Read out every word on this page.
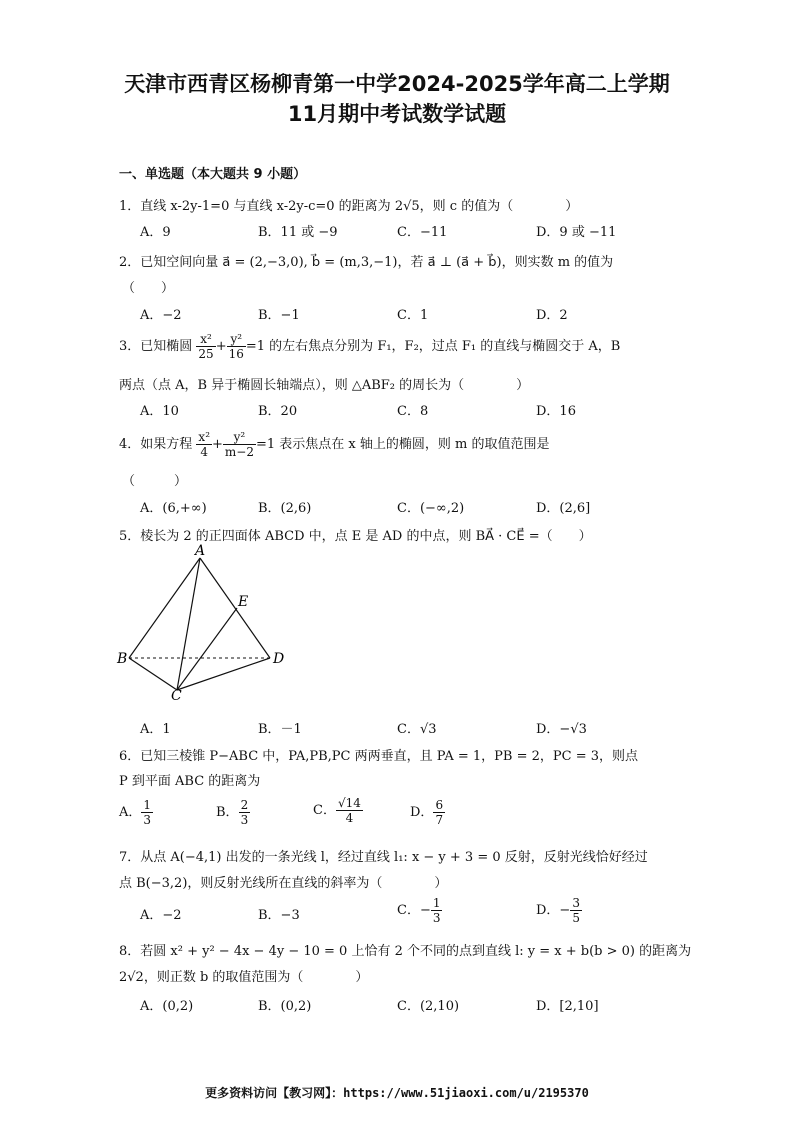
天津市西青区杨柳青第一中学2024-2025学年高二上学期
11月期中考试数学试题
一、单选题（本大题共 9 小题）
1．直线 x-2y-1=0 与直线 x-2y-c=0 的距离为 2√5，则 c 的值为（　　　　）
A．9	B．11 或 −9	C．−11	D．9 或 −11
2．已知空间向量 a⃗ = (2,−3,0), b⃗ = (m,3,−1)，若 a⃗ ⊥ (a⃗ + b⃗)，则实数 m 的值为
（　　）
A．−2	B．−1	C．1	D．2
3．已知椭圆 $\frac{\text{x²}}{25} + \frac{\text{y²}}{16} =1$ 的左右焦点分别为 F₁，F₂，过点 F₁ 的直线与椭圆交于 A，B
两点（点 A，B 异于椭圆长轴端点），则 △ABF₂ 的周长为（　　　　）
A．10	B．20	C．8	D．16
4．如果方程 $\frac{\text{x²}}{4} + \frac{\text{y²}}{m-2} =1$ 表示焦点在 x 轴上的椭圆，则 m 的取值范围是
（　　　）
A．(6,+∞)	B．(2,6)	C．(−∞,2)	D．(2,6]
5．棱长为 2 的正四面体 ABCD 中，点 E 是 AD 的中点，则 BA⃗ · CE⃗ =（　　）
A
B
C
D
E
A．1	B．－1	C．√3	D．−√3
6．已知三棱锥 P−ABC 中，PA,PB,PC 两两垂直，且 PA = 1，PB = 2，PC = 3，则点
P 到平面 ABC 的距离为
A． $\frac{1}{3}$	B． $\frac{2}{3}$	C． $\frac{√14}{4}$	D． $\frac{6}{7}$
7．从点 A(−4,1) 出发的一条光线 l，经过直线 l₁: x − y + 3 = 0 反射，反射光线恰好经过
点 B(−3,2)，则反射光线所在直线的斜率为（　　　　）
A．−2	B．−3	C．− $\frac{1}{3}$	D．− $\frac{3}{5}$
8．若圆 x² + y² − 4x − 4y − 10 = 0 上恰有 2 个不同的点到直线 l: y = x + b(b > 0) 的距离为
2√2，则正数 b 的取值范围为（　　　　）
A．(0,2)	B．(0,2)	C．(2,10)	D．[2,10]
更多资料访问【教习网】：https://www.51jiaoxi.com/u/2195370
